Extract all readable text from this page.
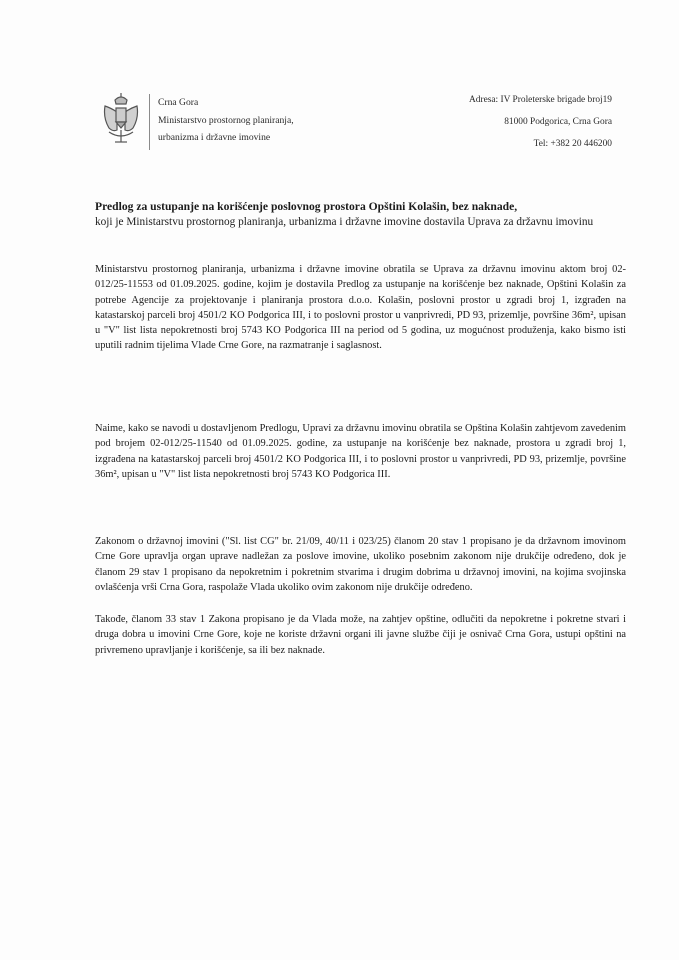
Crna Gora
Ministarstvo prostornog planiranja,
urbanizma i državne imovine
Adresa: IV Proleterske brigade broj19
81000 Podgorica, Crna Gora
Tel: +382 20 446200
Predlog za ustupanje na korišćenje poslovnog prostora Opštini Kolašin, bez naknade,
koji je Ministarstvu prostornog planiranja, urbanizma i državne imovine dostavila Uprava za državnu imovinu
Ministarstvu prostornog planiranja, urbanizma i državne imovine obratila se Uprava za državnu imovinu aktom broj 02-012/25-11553 od 01.09.2025. godine, kojim je dostavila Predlog za ustupanje na korišćenje bez naknade, Opštini Kolašin za potrebe Agencije za projektovanje i planiranja prostora d.o.o. Kolašin, poslovni prostor u zgradi broj 1, izgrađen na katastarskoj parceli broj 4501/2 KO Podgorica III, i to poslovni prostor u vanprivredi, PD 93, prizemlje, površine 36m², upisan u "V" list lista nepokretnosti broj 5743 KO Podgorica III na period od 5 godina, uz mogućnost produženja, kako bismo isti uputili radnim tijelima Vlade Crne Gore, na razmatranje i saglasnost.
Naime, kako se navodi u dostavljenom Predlogu, Upravi za državnu imovinu obratila se Opština Kolašin zahtjevom zavedenim pod brojem 02-012/25-11540 od 01.09.2025. godine, za ustupanje na korišćenje bez naknade, prostora u zgradi broj 1, izgrađena na katastarskoj parceli broj 4501/2 KO Podgorica III, i to poslovni prostor u vanprivredi, PD 93, prizemlje, površine 36m², upisan u "V" list lista nepokretnosti broj 5743 KO Podgorica III.
Zakonom o državnoj imovini ("Sl. list CG" br. 21/09, 40/11 i 023/25) članom 20 stav 1 propisano je da državnom imovinom Crne Gore upravlja organ uprave nadležan za poslove imovine, ukoliko posebnim zakonom nije drukčije određeno, dok je članom 29 stav 1 propisano da nepokretnim i pokretnim stvarima i drugim dobrima u državnoj imovini, na kojima svojinska ovlašćenja vrši Crna Gora, raspolaže Vlada ukoliko ovim zakonom nije drukčije određeno.
Takođe, članom 33 stav 1 Zakona propisano je da Vlada može, na zahtjev opštine, odlučiti da nepokretne i pokretne stvari i druga dobra u imovini Crne Gore, koje ne koriste državni organi ili javne službe čiji je osnivač Crna Gora, ustupi opštini na privremeno upravljanje i korišćenje, sa ili bez naknade.
